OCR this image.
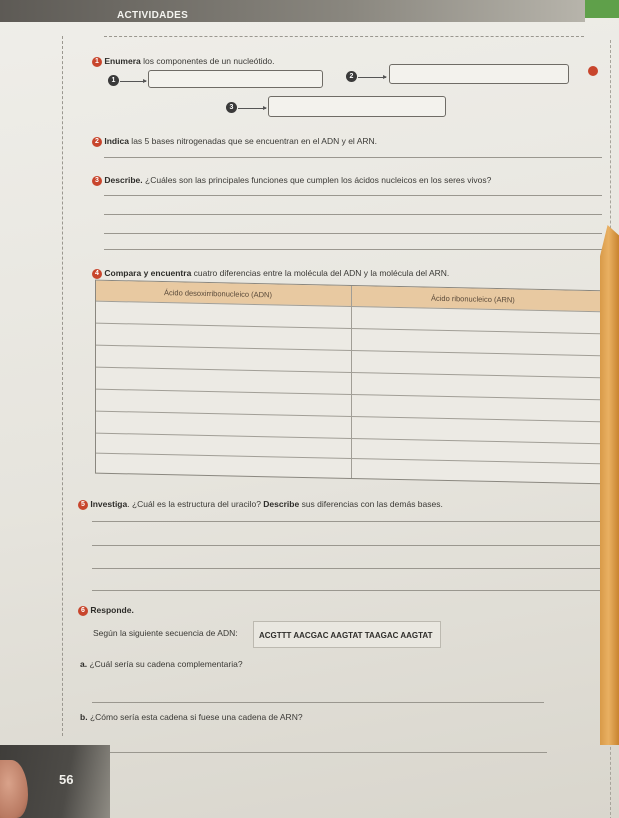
ACTIVIDADES
1 Enumera los componentes de un nucleótido.
1
2
3
2 Indica las 5 bases nitrogenadas que se encuentran en el ADN y el ARN.
3 Describe. ¿Cuáles son las principales funciones que cumplen los ácidos nucleicos en los seres vivos?
4 Compara y encuentra cuatro diferencias entre la molécula del ADN y la molécula del ARN.
Ácido desoxirribonucleico (ADN)	Ácido ribonucleico (ARN)
5 Investiga. ¿Cuál es la estructura del uracilo? Describe sus diferencias con las demás bases.
6 Responde.
Según la siguiente secuencia de ADN:	ACGTTT AACGAC AAGTAT TAAGAC AAGTAT
a. ¿Cuál sería su cadena complementaria?
b. ¿Cómo sería esta cadena si fuese una cadena de ARN?
56
